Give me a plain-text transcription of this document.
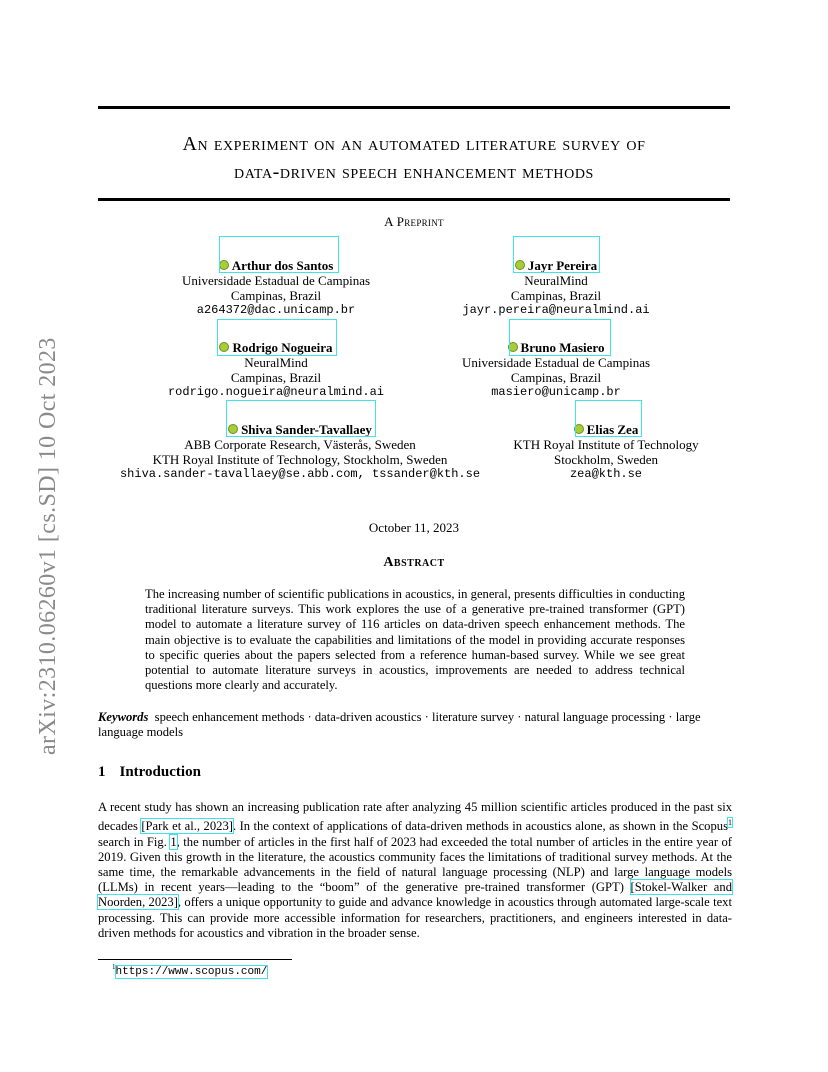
arXiv:2310.06260v1 [cs.SD] 10 Oct 2023
An experiment on an automated literature survey of
data-driven speech enhancement methods
A Preprint
Arthur dos Santos
Universidade Estadual de Campinas
Campinas, Brazil
a264372@dac.unicamp.br
Jayr Pereira
NeuralMind
Campinas, Brazil
jayr.pereira@neuralmind.ai
Rodrigo Nogueira
NeuralMind
Campinas, Brazil
rodrigo.nogueira@neuralmind.ai
Bruno Masiero
Universidade Estadual de Campinas
Campinas, Brazil
masiero@unicamp.br
Shiva Sander-Tavallaey
ABB Corporate Research, Västerås, Sweden
KTH Royal Institute of Technology, Stockholm, Sweden
shiva.sander-tavallaey@se.abb.com, tssander@kth.se
Elias Zea
KTH Royal Institute of Technology
Stockholm, Sweden
zea@kth.se
October 11, 2023
Abstract
The increasing number of scientific publications in acoustics, in general, presents difficulties in conducting traditional literature surveys. This work explores the use of a generative pre-trained transformer (GPT) model to automate a literature survey of 116 articles on data-driven speech enhancement methods. The main objective is to evaluate the capabilities and limitations of the model in providing accurate responses to specific queries about the papers selected from a reference human-based survey. While we see great potential to automate literature surveys in acoustics, improvements are needed to address technical questions more clearly and accurately.
Keywords speech enhancement methods · data-driven acoustics · literature survey · natural language processing · large language models
1 Introduction
A recent study has shown an increasing publication rate after analyzing 45 million scientific articles produced in the past six decades [Park et al., 2023]. In the context of applications of data-driven methods in acoustics alone, as shown in the Scopus$^1$ search in Fig. 1, the number of articles in the first half of 2023 had exceeded the total number of articles in the entire year of 2019. Given this growth in the literature, the acoustics community faces the limitations of traditional survey methods. At the same time, the remarkable advancements in the field of natural language processing (NLP) and large language models (LLMs) in recent years—leading to the “boom” of the generative pre-trained transformer (GPT) [Stokel-Walker and Noorden, 2023], offers a unique opportunity to guide and advance knowledge in acoustics through automated large-scale text processing. This can provide more accessible information for researchers, practitioners, and engineers interested in data-driven methods for acoustics and vibration in the broader sense.
$^1$https://www.scopus.com/
